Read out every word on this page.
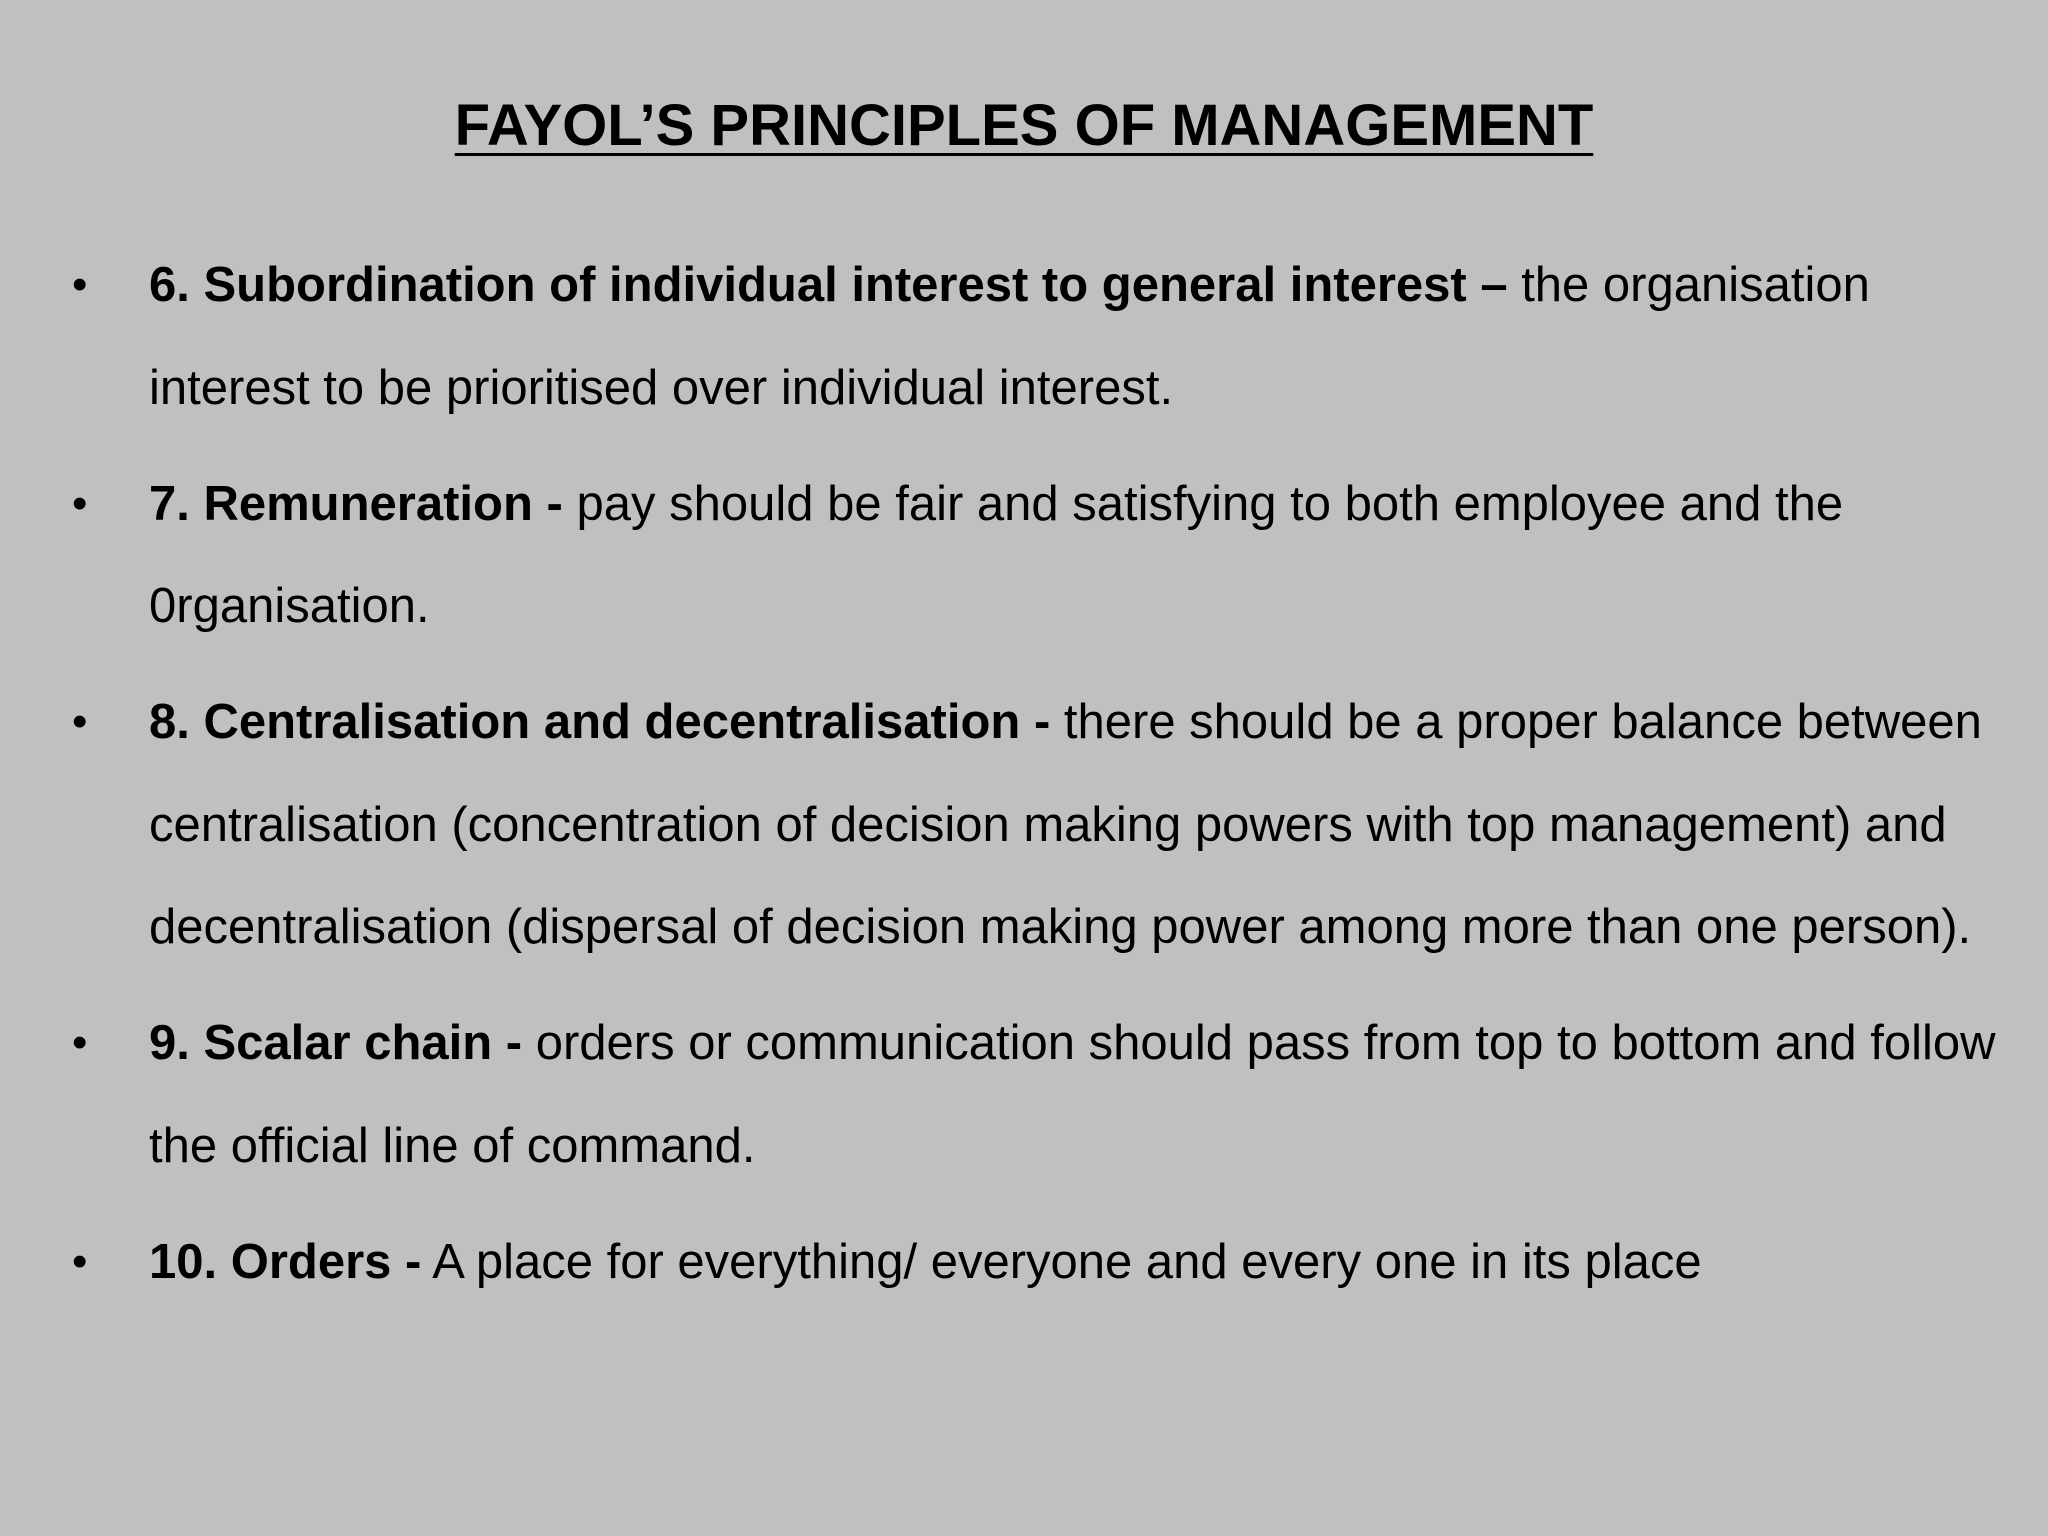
FAYOL’S PRINCIPLES OF MANAGEMENT
• 6. Subordination of individual interest to general interest – the organisation interest to be prioritised over individual interest.
• 7. Remuneration - pay should be fair and satisfying to both employee and the 0rganisation.
• 8. Centralisation and decentralisation - there should be a proper balance between centralisation (concentration of decision making powers with top management) and decentralisation (dispersal of decision making power among more than one person).
• 9. Scalar chain - orders or communication should pass from top to bottom and follow the official line of command.
• 10. Orders - A place for everything/ everyone and every one in its place
